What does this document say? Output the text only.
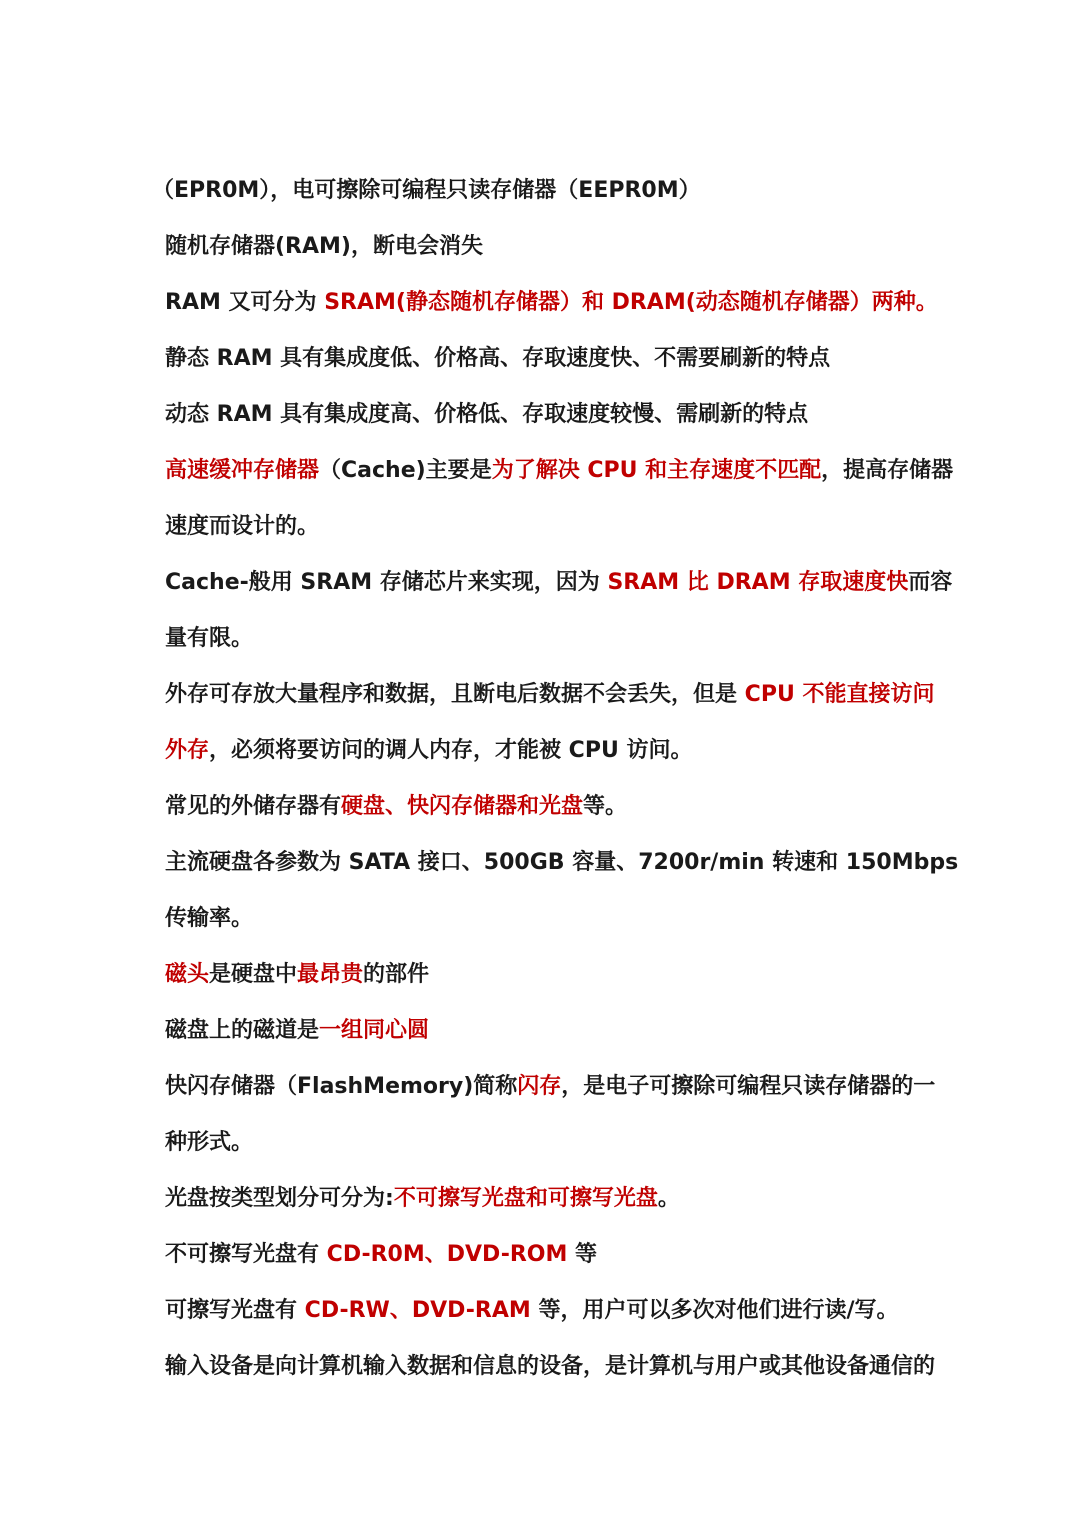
（EPR0M），电可擦除可编程只读存储器（EEPR0M）
随机存储器(RAM)，断电会消失
RAM 又可分为 SRAM(静态随机存储器）和 DRAM(动态随机存储器）两种。
静态 RAM 具有集成度低、价格高、存取速度快、不需要刷新的特点
动态 RAM 具有集成度高、价格低、存取速度较慢、需刷新的特点
高速缓冲存储器（Cache)主要是为了解决 CPU 和主存速度不匹配，提高存储器
速度而设计的。
Cache-般用 SRAM 存储芯片来实现，因为 SRAM 比 DRAM 存取速度快而容
量有限。
外存可存放大量程序和数据，且断电后数据不会丢失，但是 CPU 不能直接访问
外存，必须将要访问的调人内存，才能被 CPU 访问。
常见的外储存器有硬盘、快闪存储器和光盘等。
主流硬盘各参数为 SATA 接口、500GB 容量、7200r/min 转速和 150Mbps
传输率。
磁头是硬盘中最昂贵的部件
磁盘上的磁道是一组同心圆
快闪存储器（FlashMemory)简称闪存，是电子可擦除可编程只读存储器的一
种形式。
光盘按类型划分可分为:不可擦写光盘和可擦写光盘。
不可擦写光盘有 CD-R0M、DVD-ROM 等
可擦写光盘有 CD-RW、DVD-RAM 等，用户可以多次对他们进行读/写。
输入设备是向计算机输入数据和信息的设备，是计算机与用户或其他设备通信的
